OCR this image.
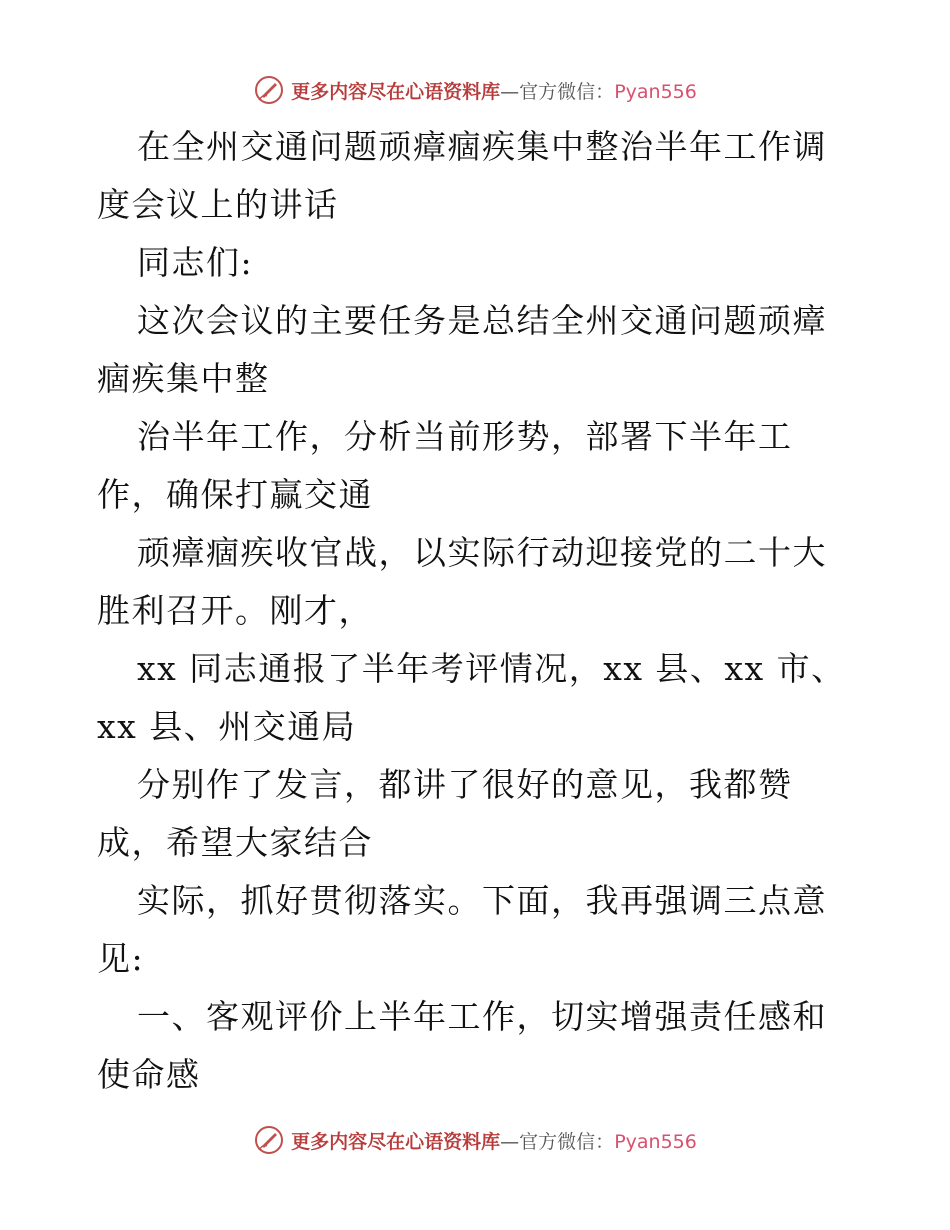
更多内容尽在心语资料库—官方微信：Pyan556

在全州交通问题顽瘴痼疾集中整治半年工作调度会议上的讲话

同志们:

这次会议的主要任务是总结全州交通问题顽瘴痼疾集中整

治半年工作，分析当前形势，部署下半年工作，确保打赢交通

顽瘴痼疾收官战，以实际行动迎接党的二十大胜利召开。刚才，

xx 同志通报了半年考评情况，xx 县、xx 市、xx 县、州交通局

分别作了发言，都讲了很好的意见，我都赞成，希望大家结合

实际，抓好贯彻落实。下面，我再强调三点意见:

一、客观评价上半年工作，切实增强责任感和使命感

更多内容尽在心语资料库—官方微信：Pyan556
